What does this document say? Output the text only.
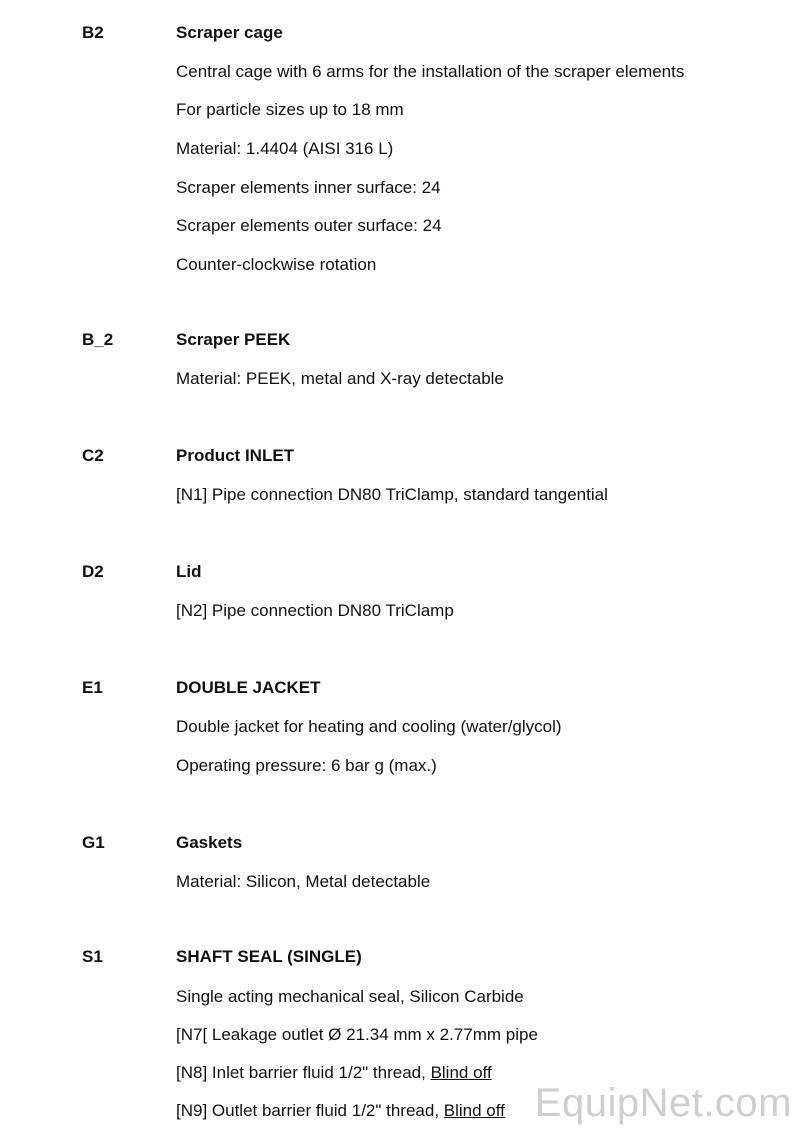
B2	Scraper cage
Central cage with 6 arms for the installation of the scraper elements
For particle sizes up to 18 mm
Material: 1.4404 (AISI 316 L)
Scraper elements inner surface: 24
Scraper elements outer surface: 24
Counter-clockwise rotation
B_2	Scraper PEEK
Material: PEEK, metal and X-ray detectable
C2	Product INLET
[N1] Pipe connection DN80 TriClamp, standard tangential
D2	Lid
[N2] Pipe connection DN80 TriClamp
E1	DOUBLE JACKET
Double jacket for heating and cooling (water/glycol)
Operating pressure: 6 bar g (max.)
G1	Gaskets
Material: Silicon, Metal detectable
S1	SHAFT SEAL (SINGLE)
Single acting mechanical seal, Silicon Carbide
[N7[ Leakage outlet Ø 21.34 mm x 2.77mm pipe
[N8] Inlet barrier fluid 1/2" thread, Blind off
[N9] Outlet barrier fluid 1/2" thread, Blind off EquipNet.com
